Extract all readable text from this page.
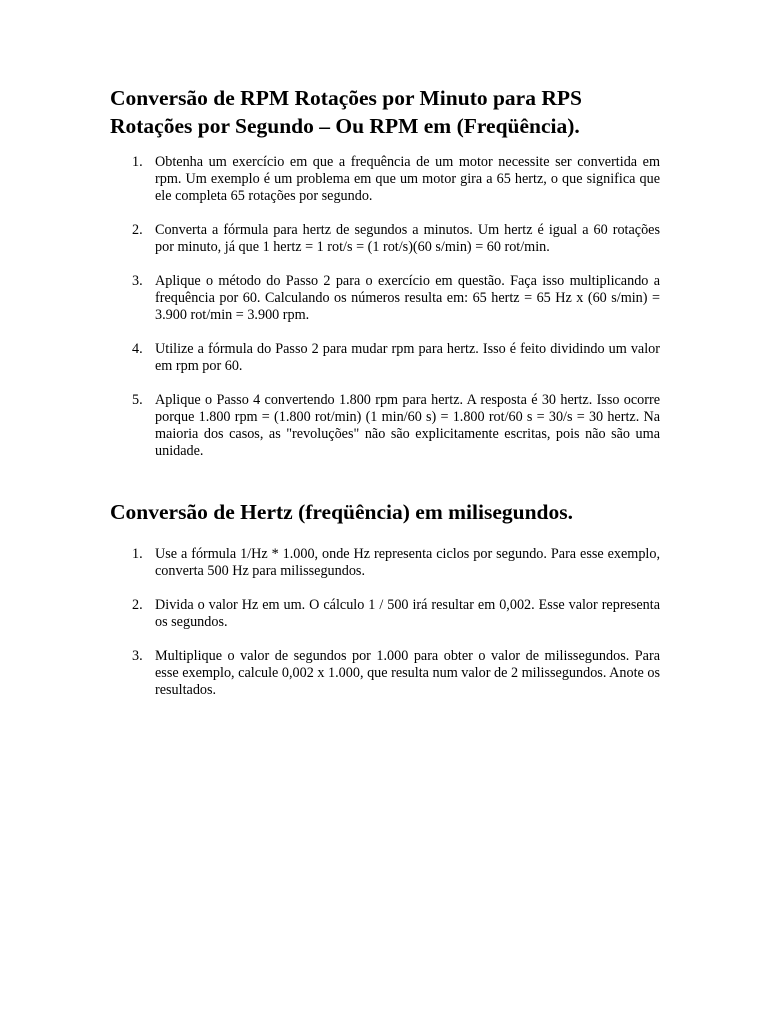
Conversão de RPM Rotações por Minuto para RPS Rotações por Segundo – Ou RPM em (Freqüência).
1. Obtenha um exercício em que a frequência de um motor necessite ser convertida em rpm. Um exemplo é um problema em que um motor gira a 65 hertz, o que significa que ele completa 65 rotações por segundo.
2. Converta a fórmula para hertz de segundos a minutos. Um hertz é igual a 60 rotações por minuto, já que 1 hertz = 1 rot/s = (1 rot/s)(60 s/min) = 60 rot/min.
3. Aplique o método do Passo 2 para o exercício em questão. Faça isso multiplicando a frequência por 60. Calculando os números resulta em: 65 hertz = 65 Hz x (60 s/min) = 3.900 rot/min = 3.900 rpm.
4. Utilize a fórmula do Passo 2 para mudar rpm para hertz. Isso é feito dividindo um valor em rpm por 60.
5. Aplique o Passo 4 convertendo 1.800 rpm para hertz. A resposta é 30 hertz. Isso ocorre porque 1.800 rpm = (1.800 rot/min) (1 min/60 s) = 1.800 rot/60 s = 30/s = 30 hertz. Na maioria dos casos, as "revoluções" não são explicitamente escritas, pois não são uma unidade.
Conversão de Hertz (freqüência) em milisegundos.
1. Use a fórmula 1/Hz * 1.000, onde Hz representa ciclos por segundo. Para esse exemplo, converta 500 Hz para milissegundos.
2. Divida o valor Hz em um. O cálculo 1 / 500 irá resultar em 0,002. Esse valor representa os segundos.
3. Multiplique o valor de segundos por 1.000 para obter o valor de milissegundos. Para esse exemplo, calcule 0,002 x 1.000, que resulta num valor de 2 milissegundos. Anote os resultados.
